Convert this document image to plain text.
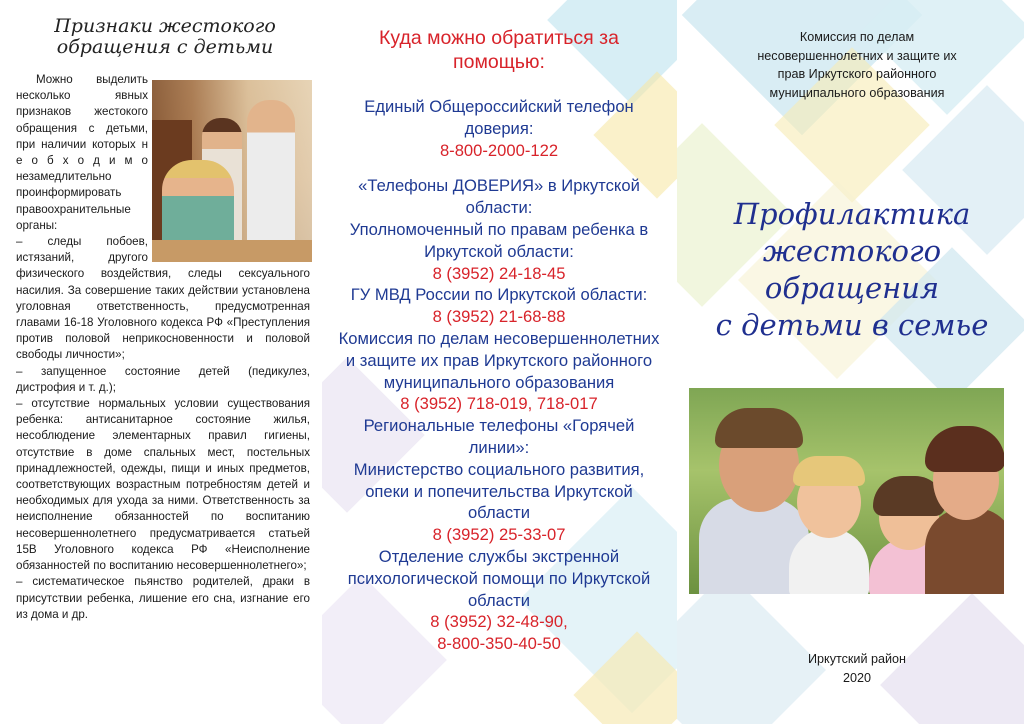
Признаки жестокого
обращения с детьми

Можно выделить несколько явных признаков жестокого обращения с детьми, при наличии которых н е о б х о д и м о незамедлительно проинформировать правоохранительные органы:

– следы побоев, истязаний, другого физического воздействия, следы сексуального насилия. За совершение таких действии установлена уголовная ответственность, предусмотренная главами 16-18 Уголовного кодекса РФ «Преступления против половой неприкосновенности и половой свободы личности»;

– запущенное состояние детей (педикулез, дистрофия и т. д.);

– отсутствие нормальных условии существования ребенка: антисанитарное состояние жилья, несоблюдение элементарных правил гигиены, отсутствие в доме спальных мест, постельных принадлежностей, одежды, пищи и иных предметов, соответствующих возрастным потребностям детей и необходимых для ухода за ними. Ответственность за неисполнение обязанностей по воспитанию несовершеннолетнего предусматривается статьей 15В Уголовного кодекса РФ «Неисполнение обязанностей по воспитанию несовершеннолетнего»;

– систематическое пьянство родителей, драки в присутствии ребенка, лишение его сна, изгнание его из дома и др.

Куда можно обратиться за
помощью:
Единый Общероссийский телефон доверия:
8-800-2000-122
«Телефоны ДОВЕРИЯ» в Иркутской области:
Уполномоченный по правам ребенка в Иркутской области:
8 (3952) 24-18-45
ГУ МВД России по Иркутской области:
8 (3952) 21-68-88
Комиссия по делам несовершеннолетних и защите их прав Иркутского районного муниципального образования
8 (3952) 718-019, 718-017
Региональные телефоны «Горячей линии»:
Министерство социального развития, опеки и попечительства Иркутской области
8 (3952) 25-33-07
Отделение службы экстренной психологической помощи по Иркутской области
8 (3952) 32-48-90,
8-800-350-40-50
Комиссия по делам
несовершеннолетних и защите их
прав Иркутского районного
муниципального образования
Профилактика
жестокого
обращения
с детьми в семье
Иркутский район
2020
